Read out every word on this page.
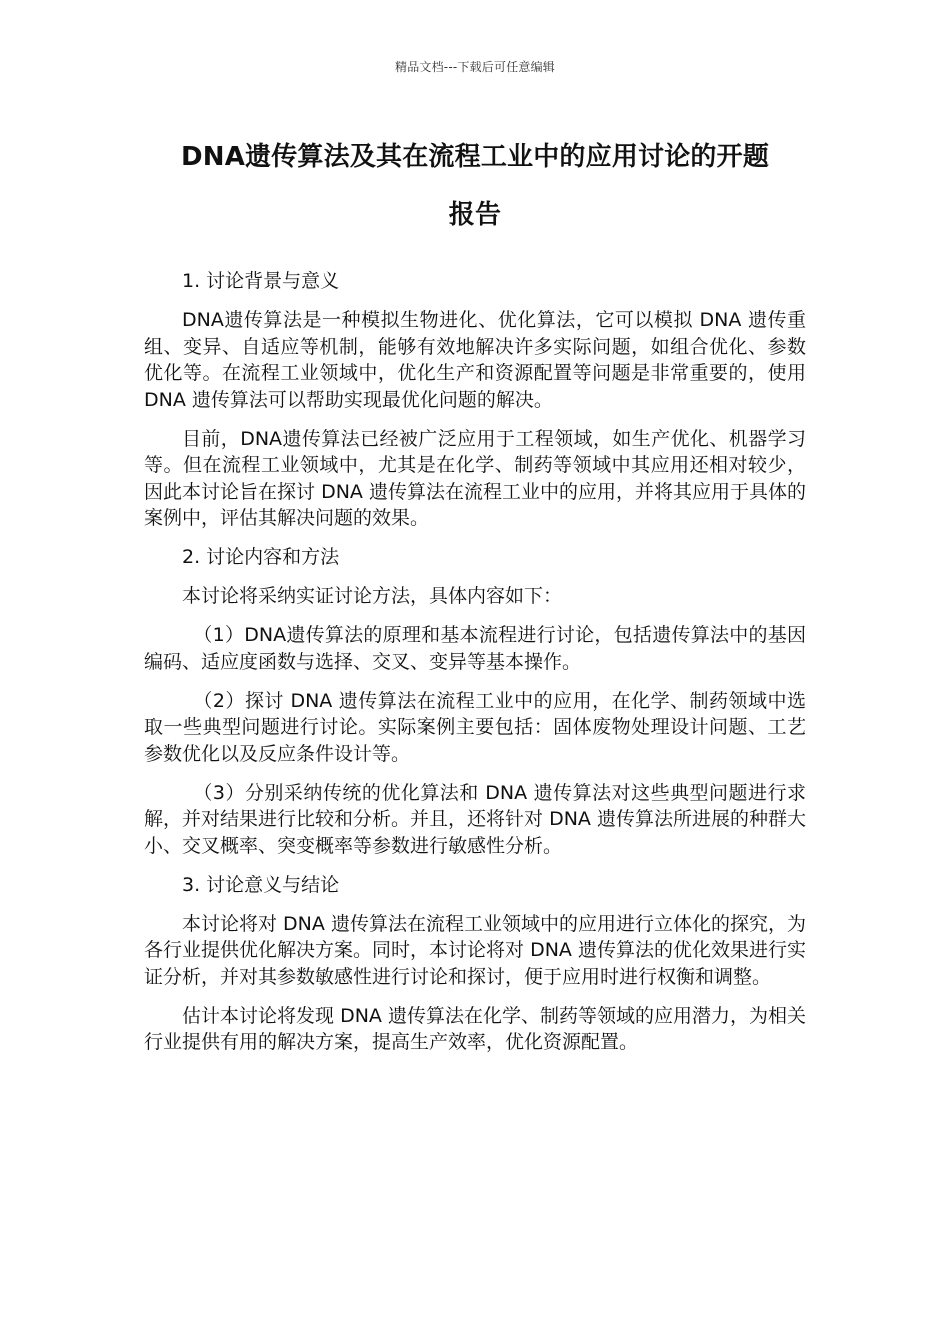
精品文档---下载后可任意编辑
DNA遗传算法及其在流程工业中的应用讨论的开题
报告

1. 讨论背景与意义

DNA遗传算法是一种模拟生物进化、优化算法，它可以模拟 DNA 遗传重组、变异、自适应等机制，能够有效地解决许多实际问题，如组合优化、参数优化等。在流程工业领域中，优化生产和资源配置等问题是非常重要的，使用 DNA 遗传算法可以帮助实现最优化问题的解决。

目前，DNA遗传算法已经被广泛应用于工程领域，如生产优化、机器学习等。但在流程工业领域中，尤其是在化学、制药等领域中其应用还相对较少，因此本讨论旨在探讨 DNA 遗传算法在流程工业中的应用，并将其应用于具体的案例中，评估其解决问题的效果。

2. 讨论内容和方法

本讨论将采纳实证讨论方法，具体内容如下：

（1）DNA遗传算法的原理和基本流程进行讨论，包括遗传算法中的基因编码、适应度函数与选择、交叉、变异等基本操作。

（2）探讨 DNA 遗传算法在流程工业中的应用，在化学、制药领域中选取一些典型问题进行讨论。实际案例主要包括：固体废物处理设计问题、工艺参数优化以及反应条件设计等。

（3）分别采纳传统的优化算法和 DNA 遗传算法对这些典型问题进行求解，并对结果进行比较和分析。并且，还将针对 DNA 遗传算法所进展的种群大小、交叉概率、突变概率等参数进行敏感性分析。

3. 讨论意义与结论

本讨论将对 DNA 遗传算法在流程工业领域中的应用进行立体化的探究，为各行业提供优化解决方案。同时，本讨论将对 DNA 遗传算法的优化效果进行实证分析，并对其参数敏感性进行讨论和探讨，便于应用时进行权衡和调整。

估计本讨论将发现 DNA 遗传算法在化学、制药等领域的应用潜力，为相关行业提供有用的解决方案，提高生产效率，优化资源配置。
